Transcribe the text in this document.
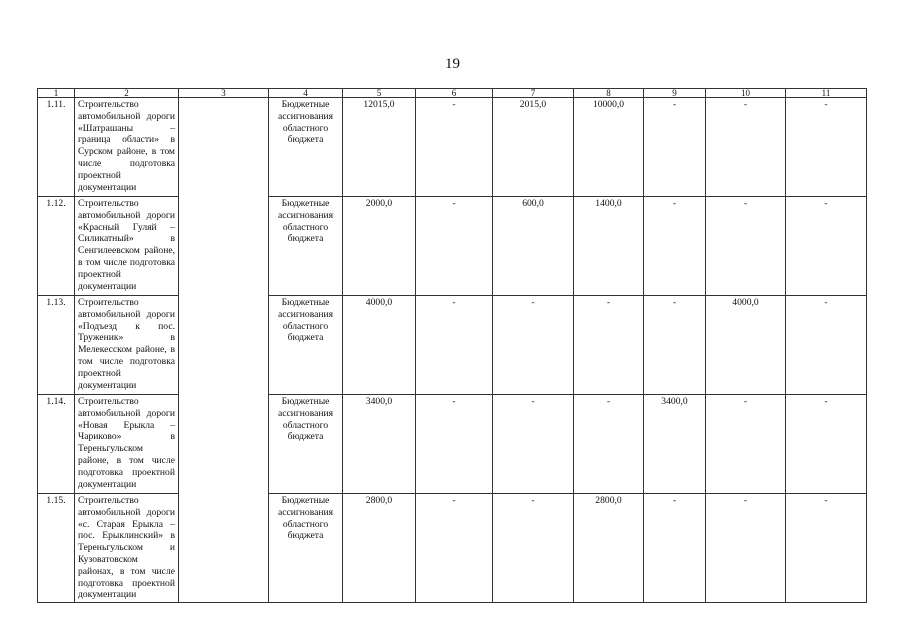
19
1	2	3	4	5	6	7	8	9	10	11
1.11.	Строительство автомобильной дороги «Шатрашаны – граница области» в Сурском районе, в том числе подготовка проектной документации		Бюджетные ассигнования областного бюджета	12015,0	-	2015,0	10000,0	-	-	-
1.12.	Строительство автомобильной дороги «Красный Гуляй – Силикатный» в Сенгилеевском районе, в том числе подготовка проектной документации		Бюджетные ассигнования областного бюджета	2000,0	-	600,0	1400,0	-	-	-
1.13.	Строительство автомобильной дороги «Подъезд к пос. Труженик» в Мелекесском районе, в том числе подготовка проектной документации		Бюджетные ассигнования областного бюджета	4000,0	-	-	-	-	4000,0	-
1.14.	Строительство автомобильной дороги «Новая Ерыкла – Чариково» в Тереньгульском районе, в том числе подготовка проектной документации		Бюджетные ассигнования областного бюджета	3400,0	-	-	-	3400,0	-	-
1.15.	Строительство автомобильной дороги «с. Старая Ерыкла – пос. Ерыклинский» в Тереньгульском и Кузоватовском районах, в том числе подготовка проектной документации		Бюджетные ассигнования областного бюджета	2800,0	-	-	2800,0	-	-	-
